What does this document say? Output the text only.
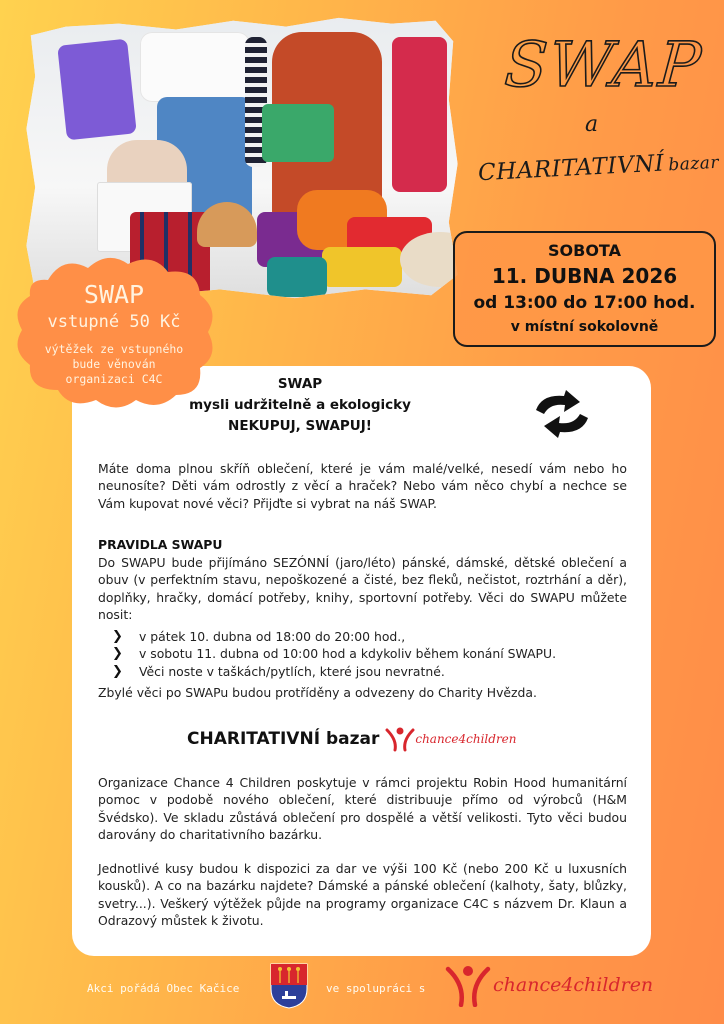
SWAP
a
CHARITATIVNÍ bazar
SOBOTA
11. DUBNA 2026
od 13:00 do 17:00 hod.
v místní sokolovně
SWAP
vstupné 50 Kč
výtěžek ze vstupného
bude věnován
organizaci C4C	SWAP
mysli udržitelně a ekologicky
NEKUPUJ, SWAPUJ!
Máte doma plnou skříň oblečení, které je vám malé/velké, nesedí vám nebo ho neunosíte? Děti vám odrostly z věcí a hraček? Nebo vám něco chybí a nechce se Vám kupovat nové věci? Přijďte si vybrat na náš SWAP.
PRAVIDLA SWAPU
Do SWAPU bude přijímáno SEZÓNNÍ (jaro/léto) pánské, dámské, dětské oblečení a obuv (v perfektním stavu, nepoškozené a čisté, bez fleků, nečistot, roztrhání a děr), doplňky, hračky, domácí potřeby, knihy, sportovní potřeby. Věci do SWAPU můžete nosit:
❯	v pátek 10. dubna od 18:00 do 20:00 hod.,
❯	v sobotu 11. dubna od 10:00 hod a kdykoliv během konání SWAPU.
❯	Věci noste v taškách/pytlích, které jsou nevratné.
Zbylé věci po SWAPu budou protříděny a odvezeny do Charity Hvězda.
CHARITATIVNÍ bazar	chance4children
Organizace Chance 4 Children poskytuje v rámci projektu Robin Hood humanitární pomoc v podobě nového oblečení, které distribuuje přímo od výrobců (H&M Švédsko). Ve skladu zůstává oblečení pro dospělé a větší velikosti. Tyto věci budou darovány do charitativního bazárku.
Jednotlivé kusy budou k dispozici za dar ve výši 100 Kč (nebo 200 Kč u luxusních kousků). A co na bazárku najdete? Dámské a pánské oblečení (kalhoty, šaty, blůzky, svetry...). Veškerý výtěžek půjde na programy organizace C4C s názvem Dr. Klaun a Odrazový můstek k životu.
Akci pořádá Obec Kačice	ve spolupráci s	chance4children
